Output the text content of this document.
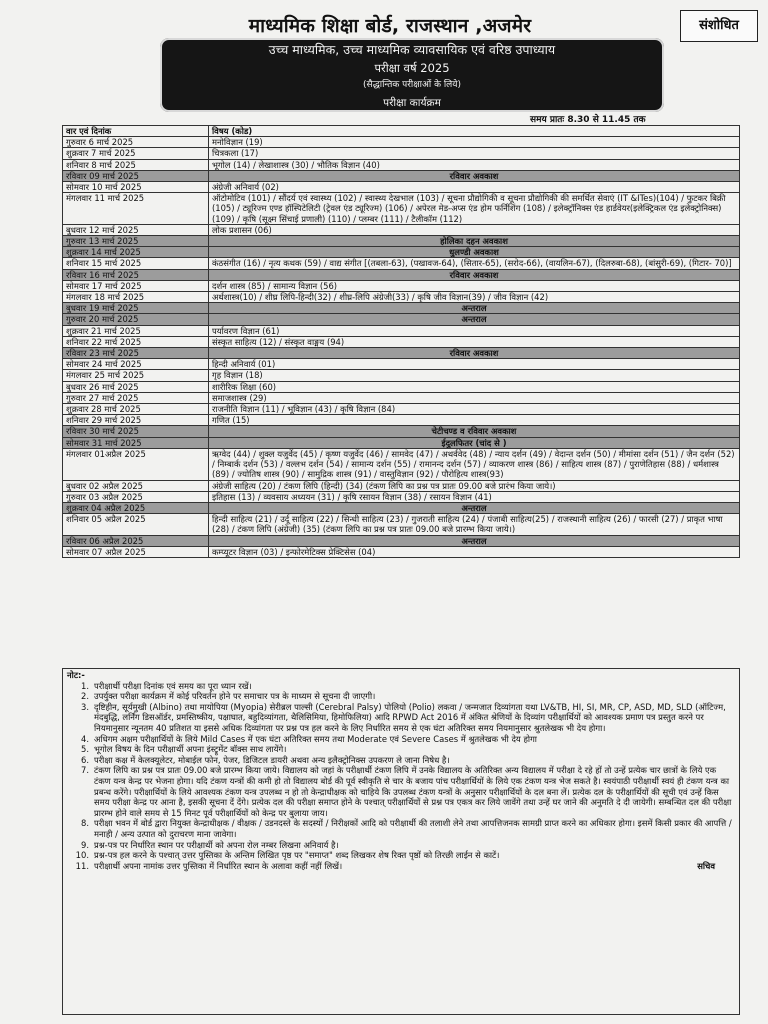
माध्यमिक शिक्षा बोर्ड, राजस्थान ,अजमेर	संशोधित
उच्च माध्यमिक, उच्च माध्यमिक व्यावसायिक एवं वरिष्ठ उपाध्याय
परीक्षा वर्ष 2025
(सैद्धान्तिक परीक्षाओं के लिये)
परीक्षा कार्यक्रम
समय प्रातः 8.30 से 11.45 तक
वार एवं दिनांक	विषय (कोड)
गुरुवार 6 मार्च 2025	मनोविज्ञान (19)
शुक्रवार 7 मार्च 2025	चित्रकला (17)
शनिवार 8 मार्च 2025	भूगोल (14) / लेखाशास्त्र (30) / भौतिक विज्ञान (40)
रविवार 09 मार्च 2025	रविवार अवकाश
सोमवार 10 मार्च 2025	अंग्रेजी अनिवार्य (02)
मंगलवार 11 मार्च 2025	ऑटोमोटिव (101) / सौंदर्य एवं स्वास्थ्य (102) / स्वास्थ्य देखभाल (103) / सूचना प्रौद्योगिकी व सूचना प्रौद्योगिकी की समर्थित सेवाएं (IT &ITes)(104) / फुटकर बिक्री (105) / ट्यूरिज्म एण्ड हॉस्पिटेलिटी (ट्रेवल एंड ट्यूरिज्म) (106) / अपेरल मेड-अप्स एंड होम फर्निशिंग (108) / इलेक्ट्रॉनिक्स एंड हार्डवेयर(इलेक्ट्रिकल एंड इलेक्ट्रोनिक्स)(109) / कृषि (सूक्ष्म सिंचाई प्रणाली) (110) / प्लम्बर (111) / टैलीकॉम (112)
बुधवार 12 मार्च 2025	लोक प्रशासन (06)
गुरुवार 13 मार्च 2025	होलिका दहन अवकाश
शुक्रवार 14 मार्च 2025	धुलण्डी अवकाश
शनिवार 15 मार्च 2025	कंठसंगीत (16) / नृत्य कथक (59) / वाद्य संगीत [(तबला-63), (पखावज-64), (सितार-65), (सरोद-66), (वायलिन-67), (दिलरुबा-68), (बांसुरी-69), (गिटार- 70)]
रविवार 16 मार्च 2025	रविवार अवकाश
सोमवार 17 मार्च 2025	दर्शन शास्त्र (85) / सामान्य विज्ञान (56)
मंगलवार 18 मार्च 2025	अर्थशास्त्र(10) / शीघ्र लिपि-हिन्दी(32) / शीघ्र-लिपि अंग्रेजी(33) / कृषि जीव विज्ञान(39) / जीव विज्ञान (42)
बुधवार 19 मार्च 2025	अन्तराल
गुरुवार 20 मार्च 2025	अन्तराल
शुक्रवार 21 मार्च 2025	पर्यावरण विज्ञान (61)
शनिवार 22 मार्च 2025	संस्कृत साहित्य (12) / संस्कृत वाङ्मय (94)
रविवार 23 मार्च 2025	रविवार अवकाश
सोमवार 24 मार्च 2025	हिन्दी अनिवार्य (01)
मंगलवार 25 मार्च 2025	गृह विज्ञान (18)
बुधवार 26 मार्च 2025	शारीरिक शिक्षा (60)
गुरुवार 27 मार्च 2025	समाजशास्त्र (29)
शुक्रवार 28 मार्च 2025	राजनीति विज्ञान (11) / भूविज्ञान (43) / कृषि विज्ञान (84)
शनिवार 29 मार्च 2025	गणित (15)
रविवार 30 मार्च 2025	चेटीचण्ड व रविवार अवकाश
सोमवार 31 मार्च 2025	ईदुलफितर (चांद से )
मंगलवार 01अप्रैल 2025	ऋग्वेद (44) / शुक्ल यजुर्वेद (45) / कृष्ण यजुर्वेद (46) / सामवेद (47) / अथर्ववेद (48) / न्याय दर्शन (49) / वेदान्त दर्शन (50) / मीमांसा दर्शन (51) / जैन दर्शन (52) / निम्बार्क दर्शन (53) / वल्लभ दर्शन (54) / सामान्य दर्शन (55) / रामानन्द दर्शन (57) / व्याकरण शास्त्र (86) / साहित्य शास्त्र (87) / पुराणेतिहास (88) / धर्मशास्त्र (89) / ज्योतिष शास्त्र (90) / सामुद्रिक शास्त्र (91) / वास्तुविज्ञान (92) / पौरोहित्य शास्त्र(93)
बुधवार 02 अप्रैल 2025	अंग्रेजी साहित्य (20) / टंकण लिपि (हिन्दी) (34) (टंकण लिपि का प्रश्न पत्र प्रातः 09.00 बजे प्रारंभ किया जाये।)
गुरुवार 03 अप्रैल 2025	इतिहास (13) / व्यवसाय अध्ययन (31) / कृषि रसायन विज्ञान (38) / रसायन विज्ञान (41)
शुक्रवार 04 अप्रैल 2025	अन्तराल
शनिवार 05 अप्रैल 2025	हिन्दी साहित्य (21) / उर्दू साहित्य (22) / सिन्धी साहित्य (23) / गुजराती साहित्य (24) / पंजाबी साहित्य(25) / राजस्थानी साहित्य (26) / फारसी (27) / प्राकृत भाषा (28) / टंकण लिपि (अंग्रेजी) (35) (टंकण लिपि का प्रश्न पत्र प्रातः 09.00 बजे प्रारम्भ किया जाये।)
रविवार 06 अप्रैल 2025	अन्तराल
सोमवार 07 अप्रैल 2025	कम्प्यूटर विज्ञान (03) / इन्फोरमेटिक्स प्रेक्टिसेस (04)
नोट:-
1. परीक्षार्थी परीक्षा दिनांक एवं समय का पूरा ध्यान रखें।
2. उपर्युक्त परीक्षा कार्यक्रम में कोई परिवर्तन होने पर समाचार पत्र के माध्यम से सूचना दी जाएगी।
3. दृष्टिहीन, सूर्यमुखी (Albino) तथा मायोपिया (Myopia) सेरीब्रल पाल्सी (Cerebral Palsy) पोलियो (Polio) लकवा / जन्मजात दिव्यांगता यथा LV&TB, HI, SI, MR, CP, ASD, MD, SLD (ऑटिज्म, मंदबुद्धि, लर्निंग डिसऑर्डर, प्रमस्तिष्कीय, पक्षाघात, बहुदिव्यांगता, थैलिसिमिया, हिमोफिलिया) आदि RPWD Act 2016 में अंकित श्रेणियों के दिव्यांग परीक्षार्थियों को आवश्यक प्रमाण पत्र प्रस्तुत करने पर नियमानुसार न्यूनतम 40 प्रतिशत या इससे अधिक दिव्यांगता पर प्रश्न पत्र हल करने के लिए निर्धारित समय से एक घंटा अतिरिक्त समय नियमानुसार श्रुतलेखक भी देय होगा।
4. अधिगम अक्षम परीक्षार्थियों के लिये Mild Cases में एक घंटा अतिरिक्त समय तथा Moderate एवं Severe Cases में श्रुतलेखक भी देय होगा
5. भूगोल विषय के दिन परीक्षार्थी अपना इंस्ट्रूमेंट बॉक्स साथ लायेंगे।
6. परीक्षा कक्ष में केलक्यूलेटर, मोबाईल फोन, पेजर, डिजिटल डायरी अथवा अन्य इलैक्ट्रोनिक्स उपकरण ले जाना निषेध है।
7. टंकण लिपि का प्रश्न पत्र प्रातः 09.00 बजे प्रारम्भ किया जाये। विद्यालय को जहां के परीक्षार्थी टंकण लिपि में उनके विद्यालय के अतिरिक्त अन्य विद्यालय में परीक्षा दे रहे हों तो उन्हें प्रत्येक चार छात्रों के लिये एक टंकण यन्त्र केन्द्र पर भेजना होगा। यदि टंकण यन्त्रों की कमी हो तो विद्यालय बोर्ड की पूर्व स्वीकृति से चार के बजाय पांच परीक्षार्थियों के लिये एक टंकण यन्त्र भेज सकते है। स्वयंपाठी परीक्षार्थी स्वयं ही टंकण यन्त्र का प्रबन्ध करेंगे। परीक्षार्थियों के लिये आवश्यक टंकण यन्त्र उपलब्ध न हो तो केन्द्राधीक्षक को चाहिये कि उपलब्ध टंकण यन्त्रों के अनुसार परीक्षार्थियों के दल बना लें। प्रत्येक दल के परीक्षार्थियों की सूची एवं उन्हें किस समय परीक्षा केन्द्र पर आना है, इसकी सूचना दें देंगे। प्रत्येक दल की परीक्षा समाप्त होने के पश्चात् परीक्षार्थियों से प्रश्न पत्र एकत्र कर लिये जावेंगे तथा उन्हें घर जाने की अनुमति दे दी जायेगी। सम्बन्धित दल की परीक्षा प्रारम्भ होने वाले समय से 15 मिनट पूर्व परीक्षार्थियों को केन्द्र पर बुलाया जाय।
8. परीक्षा भवन में बोर्ड द्वारा नियुक्त केन्द्राधीक्षक / वीक्षक / उडनदस्ते के सदस्यों / निरीक्षकों आदि को परीक्षार्थी की तलाशी लेने तथा आपत्तिजनक सामग्री प्राप्त करने का अधिकार होगा। इसमें किसी प्रकार की आपत्ति / मनाही / अन्य उत्पात को दुराचरण माना जावेगा।
9. प्रश्न-पत्र पर निर्धारित स्थान पर परीक्षार्थी को अपना रोल नम्बर लिखना अनिवार्य है।
10. प्रश्न-पत्र हल करने के पश्चात् उत्तर पुस्तिका के अन्तिम लिखित पृष्ठ पर "समाप्त" शब्द लिखकर शेष रिक्त पृष्ठों को तिरछी लाईन से काटें।
11. परीक्षार्थी अपना नामांक उत्तर पुस्तिका में निर्धारित स्थान के अलावा कहीं नहीं लिखें।	सचिव
